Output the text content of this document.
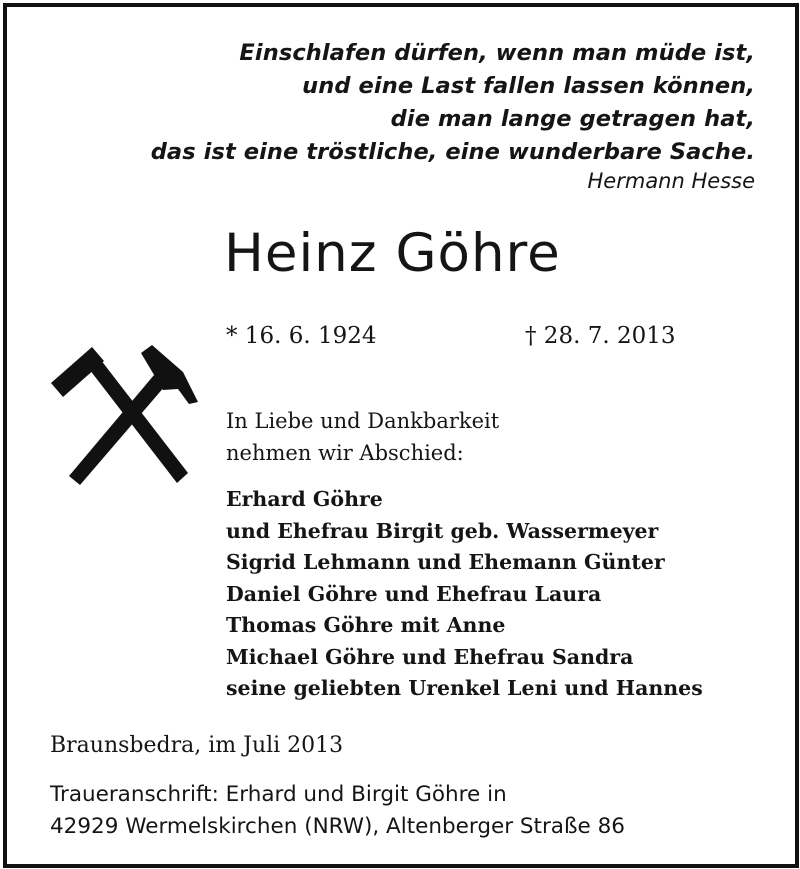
Einschlafen dürfen, wenn man müde ist,
und eine Last fallen lassen können,
die man lange getragen hat,
das ist eine tröstliche, eine wunderbare Sache.
Hermann Hesse
Heinz Göhre
* 16. 6. 1924	† 28. 7. 2013
In Liebe und Dankbarkeit
nehmen wir Abschied:
Erhard Göhre
und Ehefrau Birgit geb. Wassermeyer
Sigrid Lehmann und Ehemann Günter
Daniel Göhre und Ehefrau Laura
Thomas Göhre mit Anne
Michael Göhre und Ehefrau Sandra
seine geliebten Urenkel Leni und Hannes
Braunsbedra, im Juli 2013
Traueranschrift: Erhard und Birgit Göhre in
42929 Wermelskirchen (NRW), Altenberger Straße 86
